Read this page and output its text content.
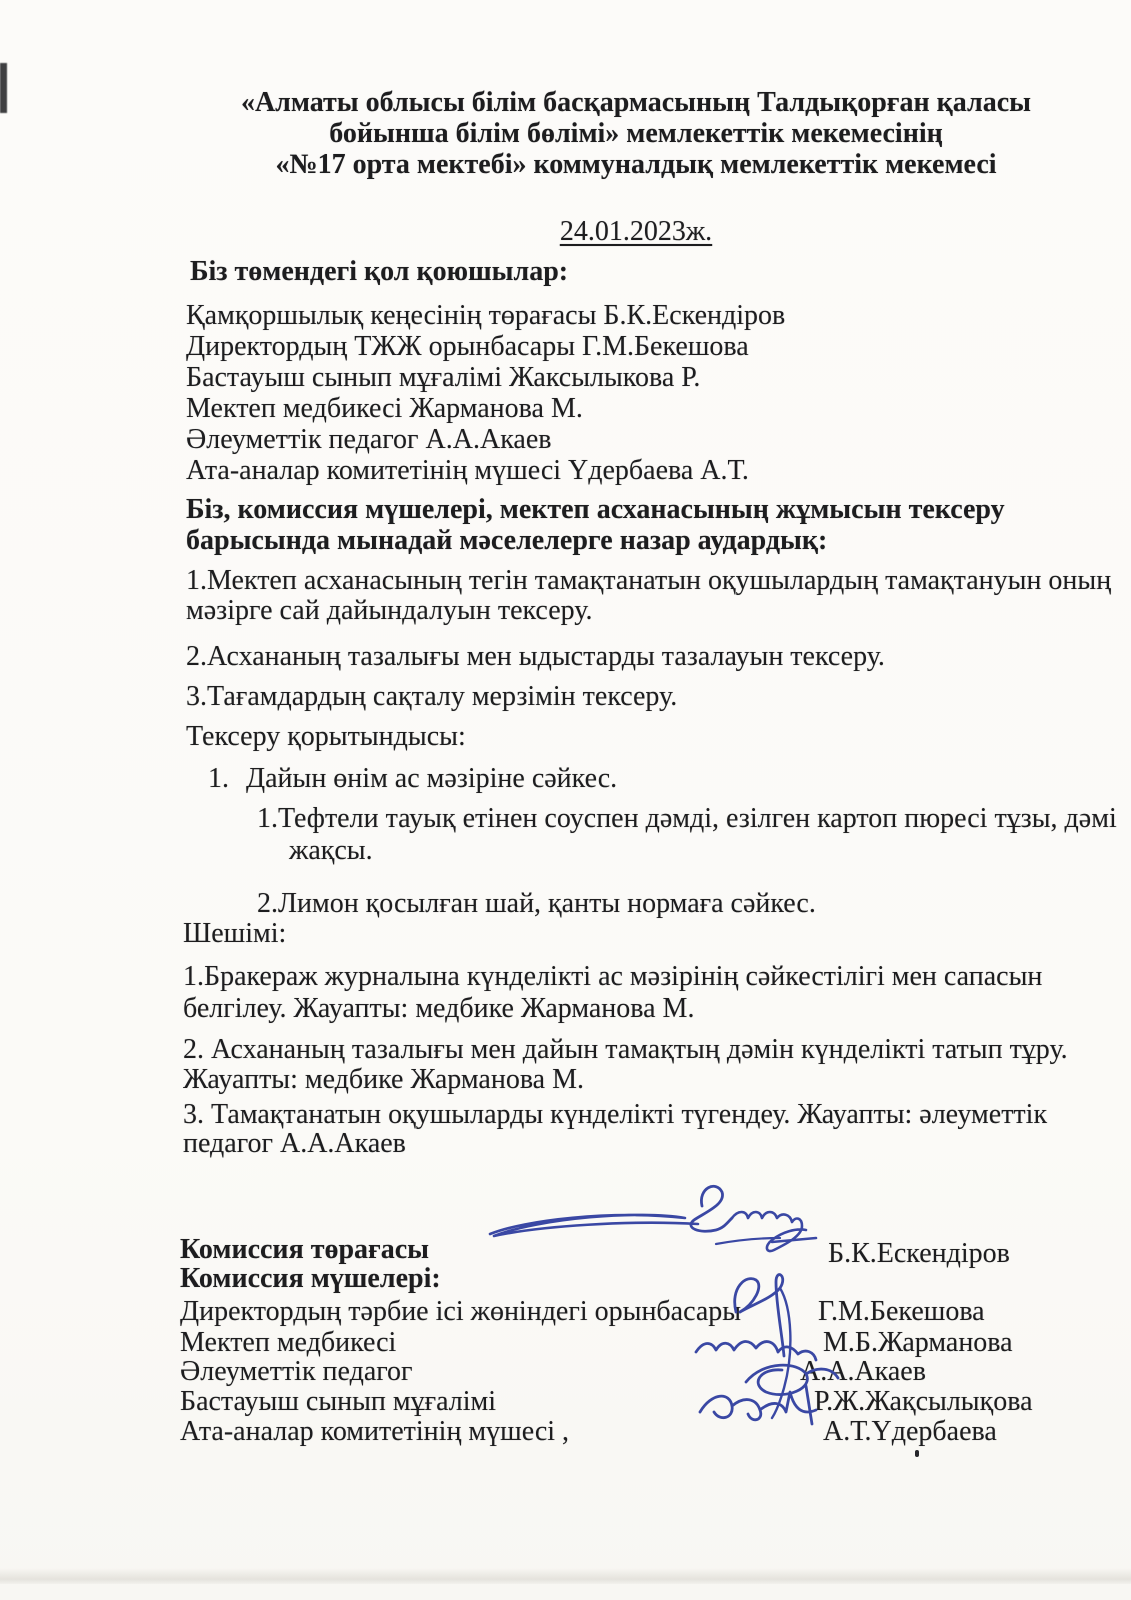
«Алматы облысы білім басқармасының Талдықорған қаласы
бойынша білім бөлімі» мемлекеттік мекемесінің
«№17 орта мектебі» коммуналдық мемлекеттік мекемесі
24.01.2023ж.
Біз төмендегі қол қоюшылар:
Қамқоршылық кеңесінің төрағасы Б.К.Ескендіров
Директордың ТЖЖ орынбасары Г.М.Бекешова
Бастауыш сынып мұғалімі Жаксылыкова Р.
Мектеп медбикесі Жарманова М.
Әлеуметтік педагог А.А.Акаев
Ата-аналар комитетінің мүшесі Үдербаева А.Т.
Біз, комиссия мүшелері, мектеп асханасының жұмысын тексеру
барысында мынадай мәселелерге назар аудардық:
1.Мектеп асханасының тегін тамақтанатын оқушылардың тамақтануын оның
мәзірге сай дайындалуын тексеру.
2.Асхананың тазалығы мен ыдыстарды тазалауын тексеру.
3.Тағамдардың сақталу мерзімін тексеру.
Тексеру қорытындысы:
1. Дайын өнім ас мәзіріне сәйкес.
1.Тефтели тауық етінен соуспен дәмді, езілген картоп пюресі тұзы, дәмі
жақсы.
2.Лимон қосылған шай, қанты нормаға сәйкес.
Шешімі:
1.Бракераж журналына күнделікті ас мәзірінің сәйкестілігі мен сапасын
белгілеу. Жауапты: медбике Жарманова М.
2. Асхананың тазалығы мен дайын тамақтың дәмін күнделікті татып тұру.
Жауапты: медбике Жарманова М.
3. Тамақтанатын оқушыларды күнделікті түгендеу. Жауапты: әлеуметтік
педагог А.А.Акаев
Комиссия төрағасы
Комиссия мүшелері:
Директордың тәрбие ісі жөніндегі орынбасары
Мектеп медбикесі
Әлеуметтік педагог
Бастауыш сынып мұғалімі
Ата-аналар комитетінің мүшесі ,
Б.К.Ескендіров
Г.М.Бекешова
М.Б.Жарманова
А.А.Акаев
Р.Ж.Жақсылықова
А.Т.Үдербаева
